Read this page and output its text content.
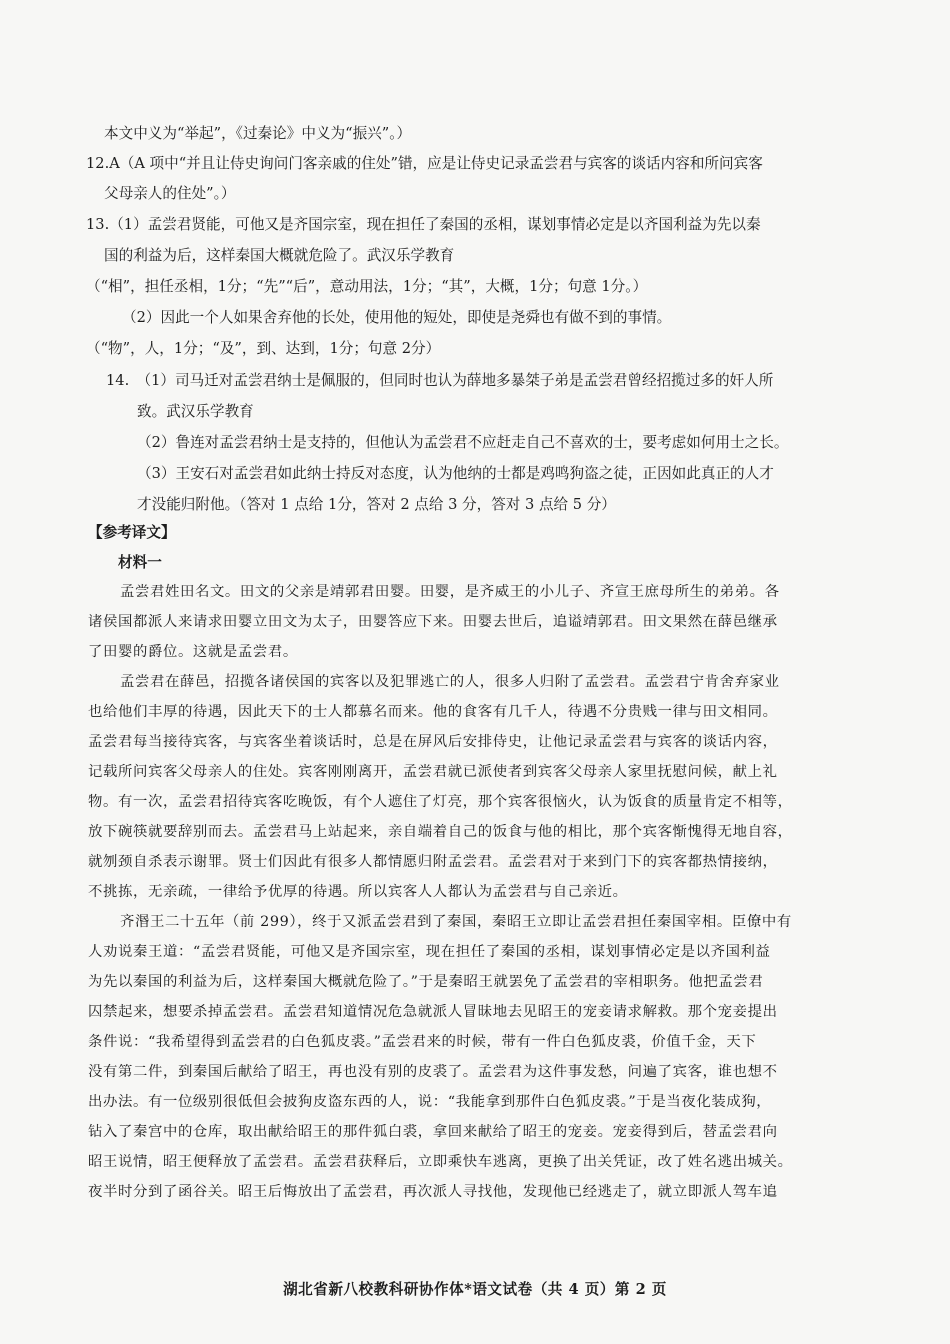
本文中义为“举起”，《过秦论》中义为“振兴”。）
12.A（A 项中“并且让侍史询问门客亲戚的住处”错，应是让侍史记录孟尝君与宾客的谈话内容和所问宾客
父母亲人的住处”。）
13.（1）孟尝君贤能，可他又是齐国宗室，现在担任了秦国的丞相，谋划事情必定是以齐国利益为先以秦
国的利益为后，这样秦国大概就危险了。武汉乐学教育
（“相”，担任丞相，1分；“先”“后”，意动用法，1分；“其”，大概，1分；句意 1分。）
（2）因此一个人如果舍弃他的长处，使用他的短处，即使是尧舜也有做不到的事情。
（“物”，人，1分；“及”，到、达到，1分；句意 2分）
14.　（1）司马迁对孟尝君纳士是佩服的，但同时也认为薛地多暴桀子弟是孟尝君曾经招揽过多的奸人所
致。武汉乐学教育
（2）鲁连对孟尝君纳士是支持的，但他认为孟尝君不应赶走自己不喜欢的士，要考虑如何用士之长。
（3）王安石对孟尝君如此纳士持反对态度，认为他纳的士都是鸡鸣狗盗之徒，正因如此真正的人才
才没能归附他。（答对 1 点给 1分，答对 2 点给 3 分，答对 3 点给 5 分）
【参考译文】
材料一
孟尝君姓田名文。田文的父亲是靖郭君田婴。田婴，是齐威王的小儿子、齐宣王庶母所生的弟弟。各
诸侯国都派人来请求田婴立田文为太子，田婴答应下来。田婴去世后，追谥靖郭君。田文果然在薛邑继承
了田婴的爵位。这就是孟尝君。
孟尝君在薛邑，招揽各诸侯国的宾客以及犯罪逃亡的人，很多人归附了孟尝君。孟尝君宁肯舍弃家业
也给他们丰厚的待遇，因此天下的士人都慕名而来。他的食客有几千人，待遇不分贵贱一律与田文相同。
孟尝君每当接待宾客，与宾客坐着谈话时，总是在屏风后安排侍史，让他记录孟尝君与宾客的谈话内容，
记载所问宾客父母亲人的住处。宾客刚刚离开，孟尝君就已派使者到宾客父母亲人家里抚慰问候，献上礼
物。有一次，孟尝君招待宾客吃晚饭，有个人遮住了灯亮，那个宾客很恼火，认为饭食的质量肯定不相等，
放下碗筷就要辞别而去。孟尝君马上站起来，亲自端着自己的饭食与他的相比，那个宾客惭愧得无地自容，
就刎颈自杀表示谢罪。贤士们因此有很多人都情愿归附孟尝君。孟尝君对于来到门下的宾客都热情接纳，
不挑拣，无亲疏，一律给予优厚的待遇。所以宾客人人都认为孟尝君与自己亲近。
齐湣王二十五年（前 299），终于又派孟尝君到了秦国，秦昭王立即让孟尝君担任秦国宰相。臣僚中有
人劝说秦王道：“孟尝君贤能，可他又是齐国宗室，现在担任了秦国的丞相，谋划事情必定是以齐国利益
为先以秦国的利益为后，这样秦国大概就危险了。”于是秦昭王就罢免了孟尝君的宰相职务。他把孟尝君
囚禁起来，想要杀掉孟尝君。孟尝君知道情况危急就派人冒昧地去见昭王的宠妾请求解救。那个宠妾提出
条件说：“我希望得到孟尝君的白色狐皮裘。”孟尝君来的时候，带有一件白色狐皮裘，价值千金，天下
没有第二件，到秦国后献给了昭王，再也没有别的皮裘了。孟尝君为这件事发愁，问遍了宾客，谁也想不
出办法。有一位级别很低但会披狗皮盗东西的人，说：“我能拿到那件白色狐皮裘。”于是当夜化装成狗，
钻入了秦宫中的仓库，取出献给昭王的那件狐白裘，拿回来献给了昭王的宠妾。宠妾得到后，替孟尝君向
昭王说情，昭王便释放了孟尝君。孟尝君获释后，立即乘快车逃离，更换了出关凭证，改了姓名逃出城关。
夜半时分到了函谷关。昭王后悔放出了孟尝君，再次派人寻找他，发现他已经逃走了，就立即派人驾车追
湖北省新八校教科研协作体*语文试卷（共 4 页）第 2 页
